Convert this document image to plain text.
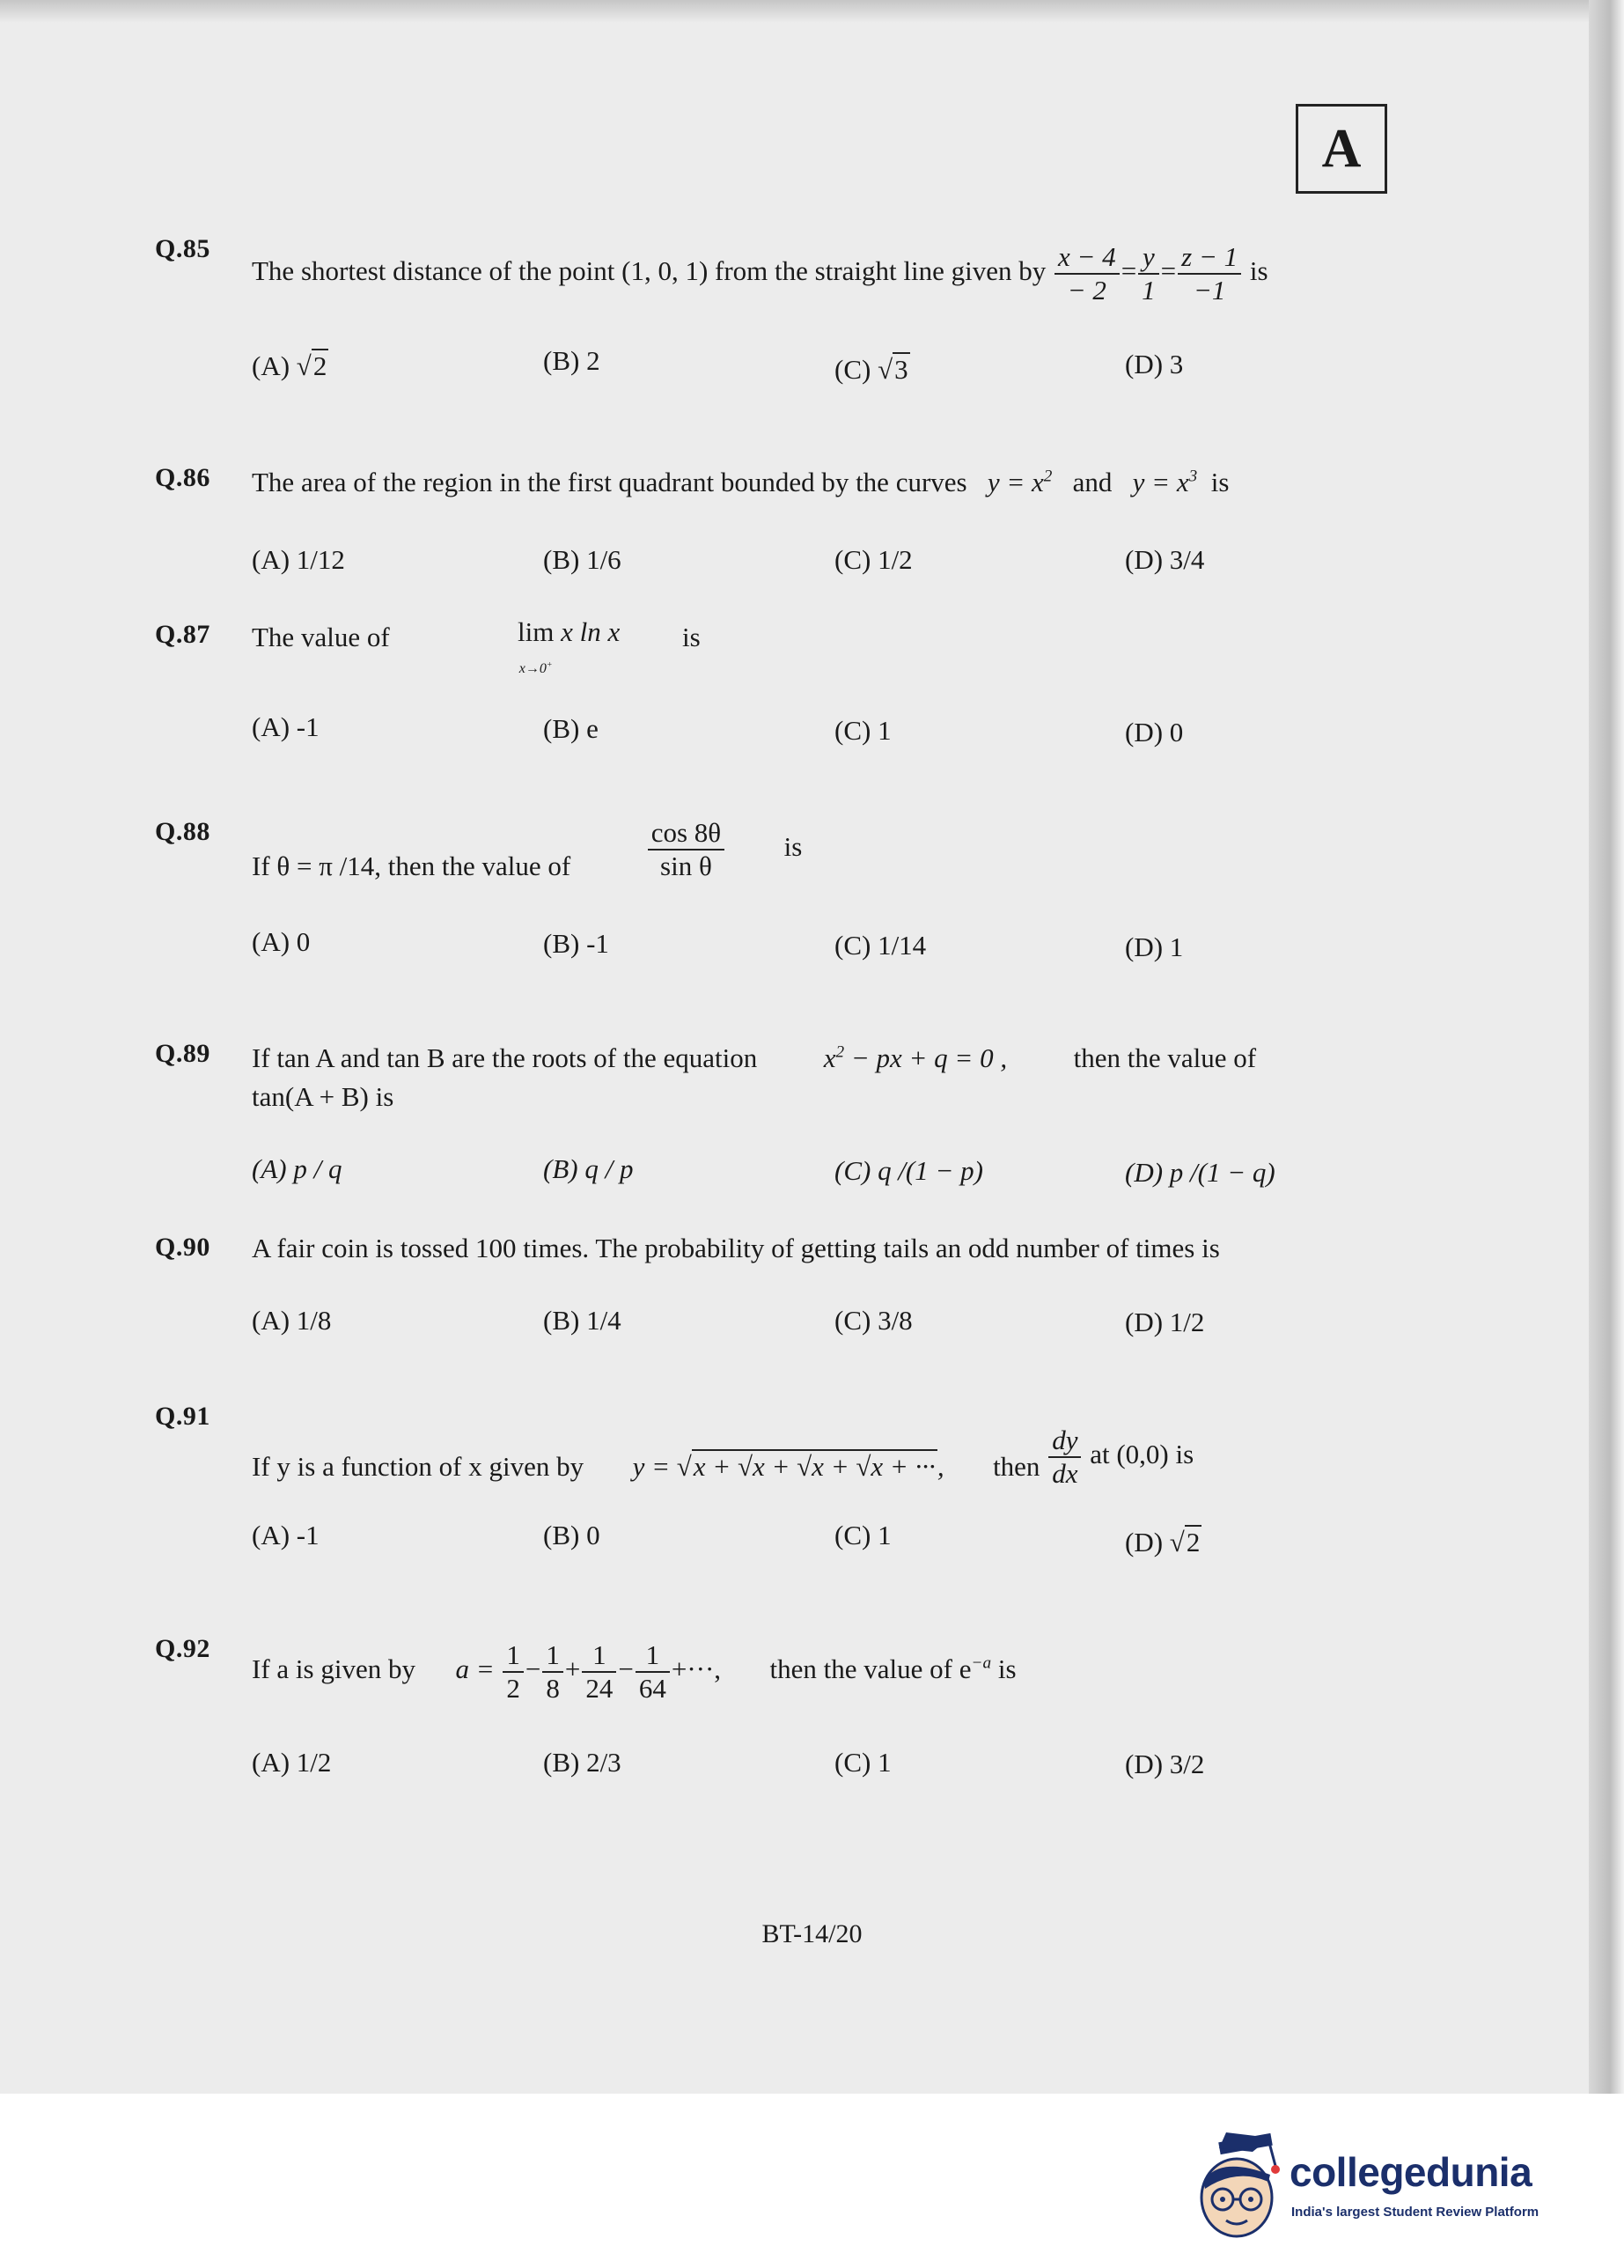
A
Q.85
The shortest distance of the point (1, 0, 1) from the straight line given by $\frac{x - 4}{- 2} = \frac{y}{1} = \frac{z - 1}{-1}$ is
(A) √2	(B) 2	(C) √3	(D) 3
Q.86 The area of the region in the first quadrant bounded by the curves $y = x^2$ and $y = x^3$ is
(A) 1/12	(B) 1/6	(C) 1/2	(D) 3/4
Q.87 The value of	lim
x→0+ x ln x is
(A) -1	(B) e	(C) 1	(D) 0
Q.88
If θ = π /14, then the value of	$\frac{\cos 8\theta}{\text{sin θ}}$ is
(A) 0	(B) -1	(C) 1/14	(D) 1
Q.89 If tan A and tan B are the roots of the equation $x^2$ − px + q = 0 , then the value of
tan(A + B) is
(A) p / q	(B) q / p	(C) q /(1 − p)	(D) p /(1 − q)
Q.90 A fair coin is tossed 100 times. The probability of getting tails an odd number of times is
(A) 1/8	(B) 1/4	(C) 3/8	(D) 1/2
Q.91
If y is a function of x given by y = √x + √x + √x + √x + ···, then $\frac{dy}{dx}$ at (0,0) is
(A) -1	(B) 0	(C) 1	(D) √2
Q.92
If a is given by $a = \frac{1}{2} - \frac{1}{8} + \frac{1}{24} - \frac{1}{64}$ +···, then the value of $e^{-a}$ is
(A) 1/2	(B) 2/3	(C) 1	(D) 3/2
BT-14/20
collegedunia
India's largest Student Review Platform
